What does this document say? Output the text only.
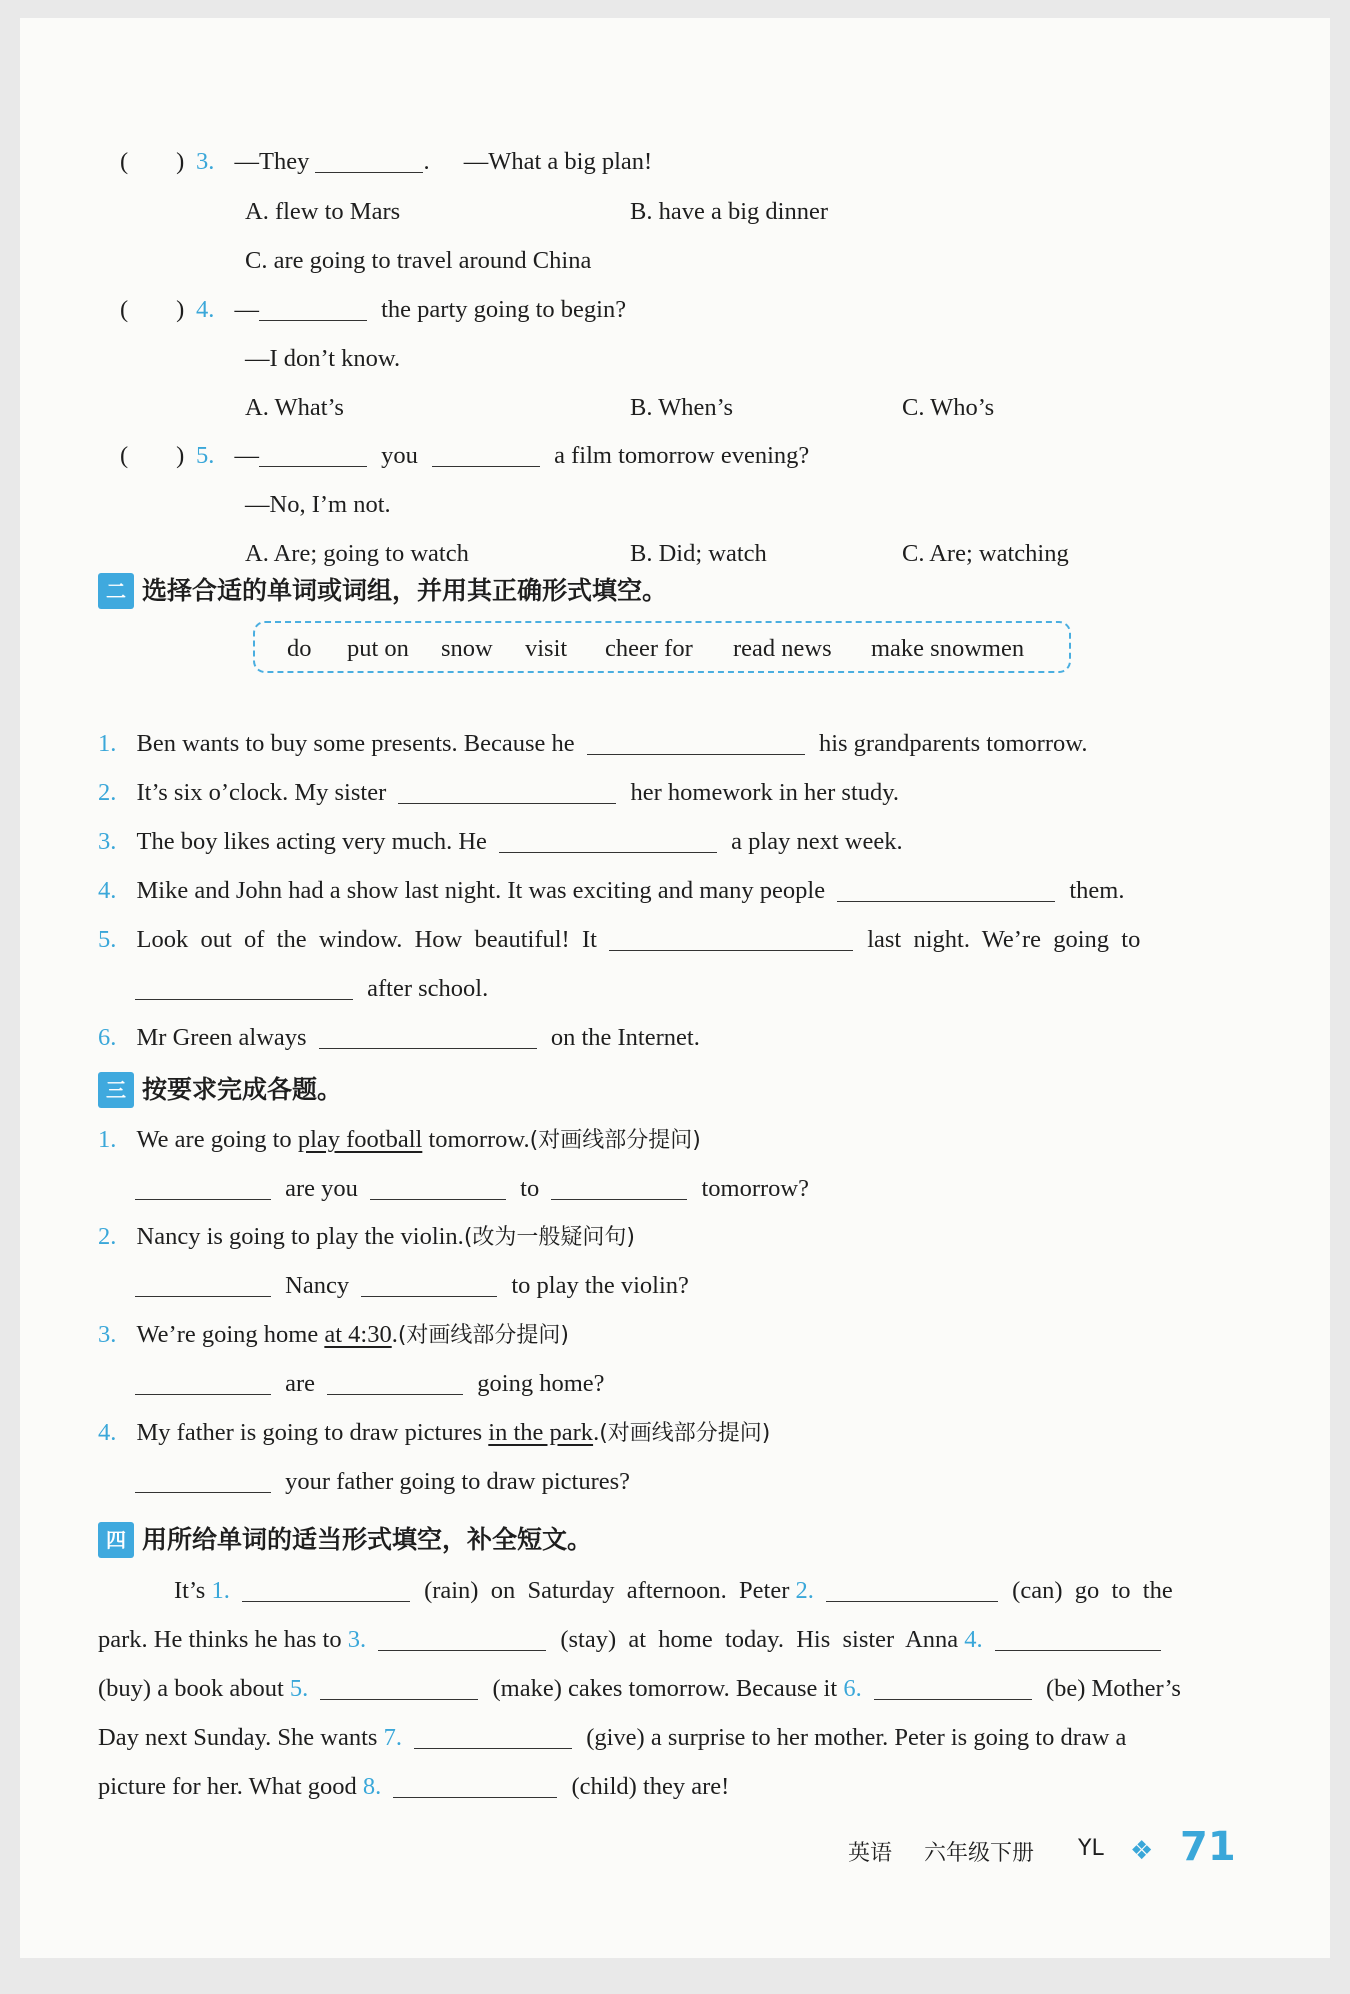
( ) 3. —They	. —What a big plan!
A. flew to Mars	B. have a big dinner
C. are going to travel around China
( ) 4. —	the party going to begin?
—I don’t know.
A. What’s	B. When’s	C. Who’s
( ) 5. —	you	a film tomorrow evening?
—No, I’m not.
A. Are; going to watch	B. Did; watch	C. Are; watching
二 选择合适的单词或词组，并用其正确形式填空。
do put on snow visit cheer for read news make snowmen
1. Ben wants to buy some presents. Because he	his grandparents tomorrow.
2. It’s six o’clock. My sister	her homework in her study.
3. The boy likes acting very much. He	a play next week.
4. Mike and John had a show last night. It was exciting and many people	them.
5. Look  out  of  the  window.  How  beautiful!  It	last  night.  We’re  going  to
after school.
6. Mr Green always	on the Internet.
三 按要求完成各题。
1. We are going to play football tomorrow.(对画线部分提问)
are you	to	tomorrow?
2. Nancy is going to play the violin.(改为一般疑问句)
Nancy	to play the violin?
3. We’re going home at 4:30.(对画线部分提问)
are	going home?
4. My father is going to draw pictures in the park.(对画线部分提问)
your father going to draw pictures?
四 用所给单词的适当形式填空，补全短文。
It’s 1.	(rain)  on  Saturday  afternoon.  Peter 2.	(can)  go  to  the
park. He thinks he has to 3.	(stay)  at  home  today.  His  sister  Anna 4.
(buy) a book about 5.	(make) cakes tomorrow. Because it 6.	(be) Mother’s
Day next Sunday. She wants 7.	(give) a surprise to her mother. Peter is going to draw a
picture for her. What good 8.	(child) they are!
英语 六年级下册 YL ❖ 71
